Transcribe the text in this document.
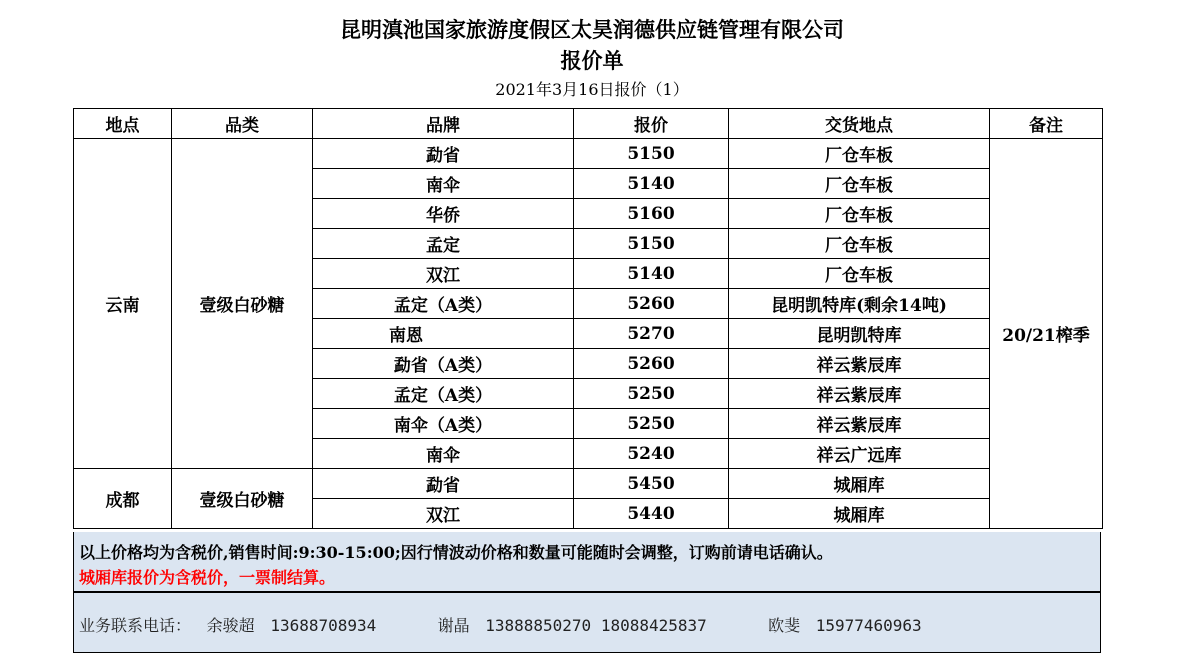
昆明滇池国家旅游度假区太昊润德供应链管理有限公司
报价单
2021年3月16日报价（1）
地点	品类	品牌	报价	交货地点	备注
云南	壹级白砂糖	勐省	5150	厂仓车板	20/21榨季
		南伞	5140	厂仓车板	
		华侨	5160	厂仓车板	
		孟定	5150	厂仓车板	
		双江	5140	厂仓车板	
		孟定（A类）	5260	昆明凯特库(剩余14吨)	
		南恩	5270	昆明凯特库	
		勐省（A类）	5260	祥云紫辰库	
		孟定（A类）	5250	祥云紫辰库	
		南伞（A类）	5250	祥云紫辰库	
		南伞	5240	祥云广远库	
成都	壹级白砂糖	勐省	5450	城厢库	
		双江	5440	城厢库	
以上价格均为含税价,销售时间:9:30-15:00;因行情波动价格和数量可能随时会调整，订购前请电话确认。
城厢库报价为含税价，一票制结算。
业务联系电话： 余骏超 13688708934	谢晶 13888850270 18088425837	欧斐 15977460963
